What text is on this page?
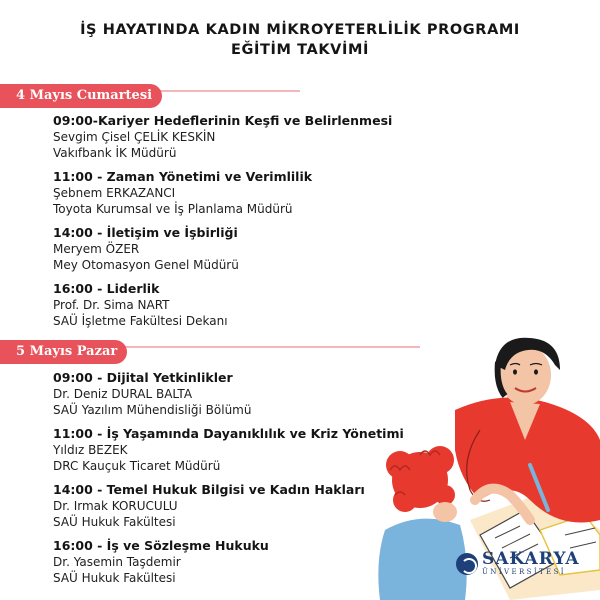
İŞ HAYATINDA KADIN MİKROYETERLİLİK PROGRAMI
EĞİTİM TAKVİMİ
4 Mayıs Cumartesi
09:00-Kariyer Hedeflerinin Keşfi ve Belirlenmesi
Sevgim Çisel ÇELİK KESKİN
Vakıfbank İK Müdürü
11:00 - Zaman Yönetimi ve Verimlilik
Şebnem ERKAZANCI
Toyota Kurumsal ve İş Planlama Müdürü
14:00 - İletişim ve İşbirliği
Meryem ÖZER
Mey Otomasyon Genel Müdürü
16:00 - Liderlik
Prof. Dr. Sima NART
SAÜ İşletme Fakültesi Dekanı
5 Mayıs Pazar
09:00 - Dijital Yetkinlikler
Dr. Deniz DURAL BALTA
SAÜ Yazılım Mühendisliği Bölümü
11:00 - İş Yaşamında Dayanıklılık ve Kriz Yönetimi
Yıldız BEZEK
DRC Kauçuk Ticaret Müdürü
14:00 - Temel Hukuk Bilgisi ve Kadın Hakları
Dr. Irmak KORUCULU
SAÜ Hukuk Fakültesi
16:00 - İş ve Sözleşme Hukuku
Dr. Yasemin Taşdemir
SAÜ Hukuk Fakültesi
SAKARYA
ÜNİVERSİTESİ
